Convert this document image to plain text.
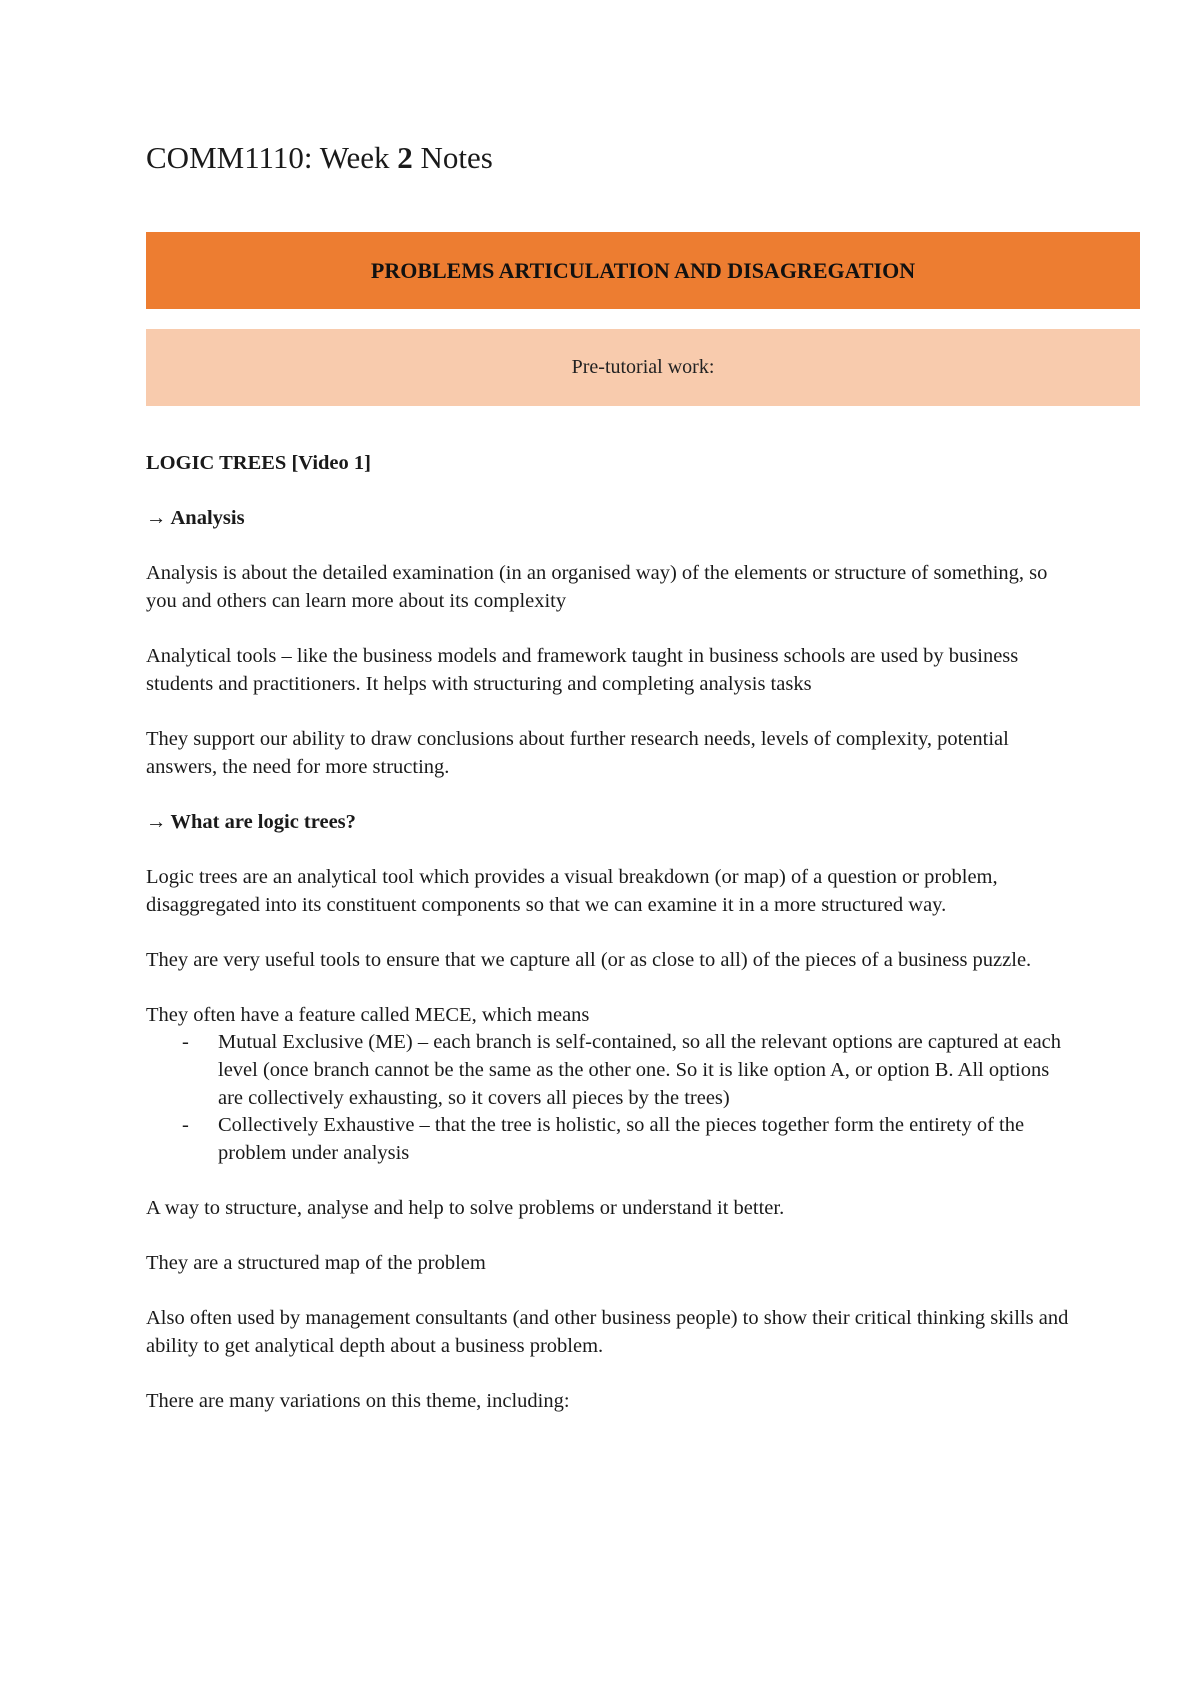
COMM1110: Week 2 Notes
PROBLEMS ARTICULATION AND DISAGREGATION
Pre-tutorial work:

LOGIC TREES [Video 1]

→ Analysis

Analysis is about the detailed examination (in an organised way) of the elements or structure of something, so you and others can learn more about its complexity

Analytical tools – like the business models and framework taught in business schools are used by business students and practitioners. It helps with structuring and completing analysis tasks

They support our ability to draw conclusions about further research needs, levels of complexity, potential answers, the need for more structing.

→ What are logic trees?

Logic trees are an analytical tool which provides a visual breakdown (or map) of a question or problem, disaggregated into its constituent components so that we can examine it in a more structured way.

They are very useful tools to ensure that we capture all (or as close to all) of the pieces of a business puzzle.

They often have a feature called MECE, which means

- Mutual Exclusive (ME) – each branch is self-contained, so all the relevant options are captured at each level (once branch cannot be the same as the other one. So it is like option A, or option B. All options are collectively exhausting, so it covers all pieces by the trees)
- Collectively Exhaustive – that the tree is holistic, so all the pieces together form the entirety of the problem under analysis

A way to structure, analyse and help to solve problems or understand it better.

They are a structured map of the problem

Also often used by management consultants (and other business people) to show their critical thinking skills and ability to get analytical depth about a business problem.

There are many variations on this theme, including:
